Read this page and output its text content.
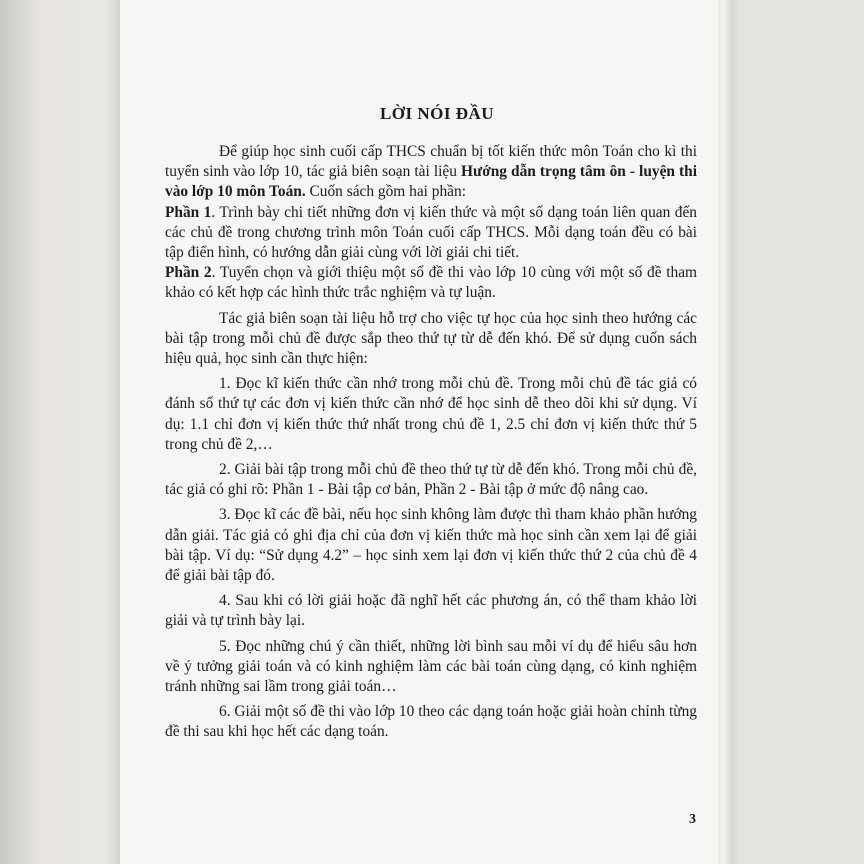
LỜI NÓI ĐẦU

Để giúp học sinh cuối cấp THCS chuẩn bị tốt kiến thức môn Toán cho kì thi tuyển sinh vào lớp 10, tác giả biên soạn tài liệu Hướng dẫn trọng tâm ôn - luyện thi vào lớp 10 môn Toán. Cuốn sách gồm hai phần:

Phần 1. Trình bày chi tiết những đơn vị kiến thức và một số dạng toán liên quan đến các chủ đề trong chương trình môn Toán cuối cấp THCS. Mỗi dạng toán đều có bài tập điển hình, có hướng dẫn giải cùng với lời giải chi tiết.

Phần 2. Tuyển chọn và giới thiệu một số đề thi vào lớp 10 cùng với một số đề tham khảo có kết hợp các hình thức trắc nghiệm và tự luận.

Tác giả biên soạn tài liệu hỗ trợ cho việc tự học của học sinh theo hướng các bài tập trong mỗi chủ đề được sắp theo thứ tự từ dễ đến khó. Để sử dụng cuốn sách hiệu quả, học sinh cần thực hiện:

1. Đọc kĩ kiến thức cần nhớ trong mỗi chủ đề. Trong mỗi chủ đề tác giả có đánh số thứ tự các đơn vị kiến thức cần nhớ để học sinh dễ theo dõi khi sử dụng. Ví dụ: 1.1 chỉ đơn vị kiến thức thứ nhất trong chủ đề 1, 2.5 chỉ đơn vị kiến thức thứ 5 trong chủ đề 2,…

2. Giải bài tập trong mỗi chủ đề theo thứ tự từ dễ đến khó. Trong mỗi chủ đề, tác giả có ghi rõ: Phần 1 - Bài tập cơ bản, Phần 2 - Bài tập ở mức độ nâng cao.

3. Đọc kĩ các đề bài, nếu học sinh không làm được thì tham khảo phần hướng dẫn giải. Tác giả có ghi địa chỉ của đơn vị kiến thức mà học sinh cần xem lại để giải bài tập. Ví dụ: “Sử dụng 4.2” – học sinh xem lại đơn vị kiến thức thứ 2 của chủ đề 4 để giải bài tập đó.

4. Sau khi có lời giải hoặc đã nghĩ hết các phương án, có thể tham khảo lời giải và tự trình bày lại.

5. Đọc những chú ý cần thiết, những lời bình sau mỗi ví dụ để hiểu sâu hơn về ý tưởng giải toán và có kinh nghiệm làm các bài toán cùng dạng, có kinh nghiệm tránh những sai lầm trong giải toán…

6. Giải một số đề thi vào lớp 10 theo các dạng toán hoặc giải hoàn chỉnh từng đề thi sau khi học hết các dạng toán.

3
